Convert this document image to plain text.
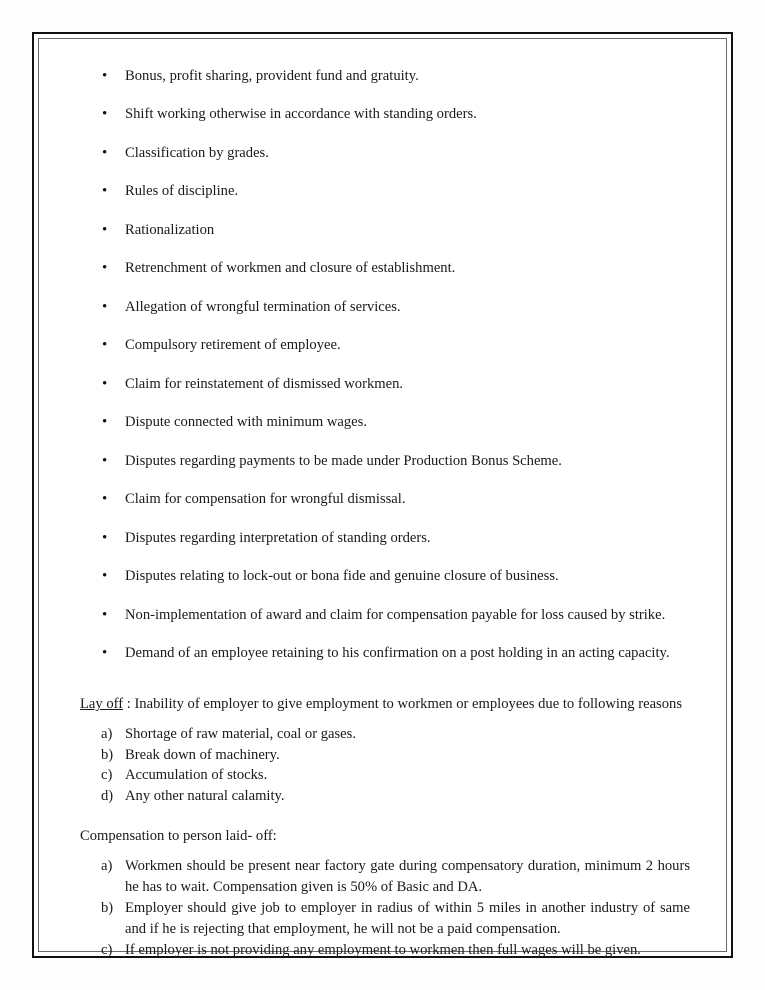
• Bonus, profit sharing, provident fund and gratuity.
• Shift working otherwise in accordance with standing orders.
• Classification by grades.
• Rules of discipline.
• Rationalization
• Retrenchment of workmen and closure of establishment.
• Allegation of wrongful termination of services.
• Compulsory retirement of employee.
• Claim for reinstatement of dismissed workmen.
• Dispute connected with minimum wages.
• Disputes regarding payments to be made under Production Bonus Scheme.
• Claim for compensation for wrongful dismissal.
• Disputes regarding interpretation of standing orders.
• Disputes relating to lock-out or bona fide and genuine closure of business.
• Non-implementation of award and claim for compensation payable for loss caused by strike.
• Demand of an employee retaining to his confirmation on a post holding in an acting capacity.

Lay off : Inability of employer to give employment to workmen or employees due to following reasons

a) Shortage of raw material, coal or gases.
b) Break down of machinery.
c) Accumulation of stocks.
d) Any other natural calamity.

Compensation to person laid- off:

a) Workmen should be present near factory gate during compensatory duration, minimum 2 hours he has to wait. Compensation given is 50% of Basic and DA.
b) Employer should give job to employer in radius of within 5 miles in another industry of same and if he is rejecting that employment, he will not be a paid compensation.
c) If employer is not providing any employment to workmen then full wages will be given.
